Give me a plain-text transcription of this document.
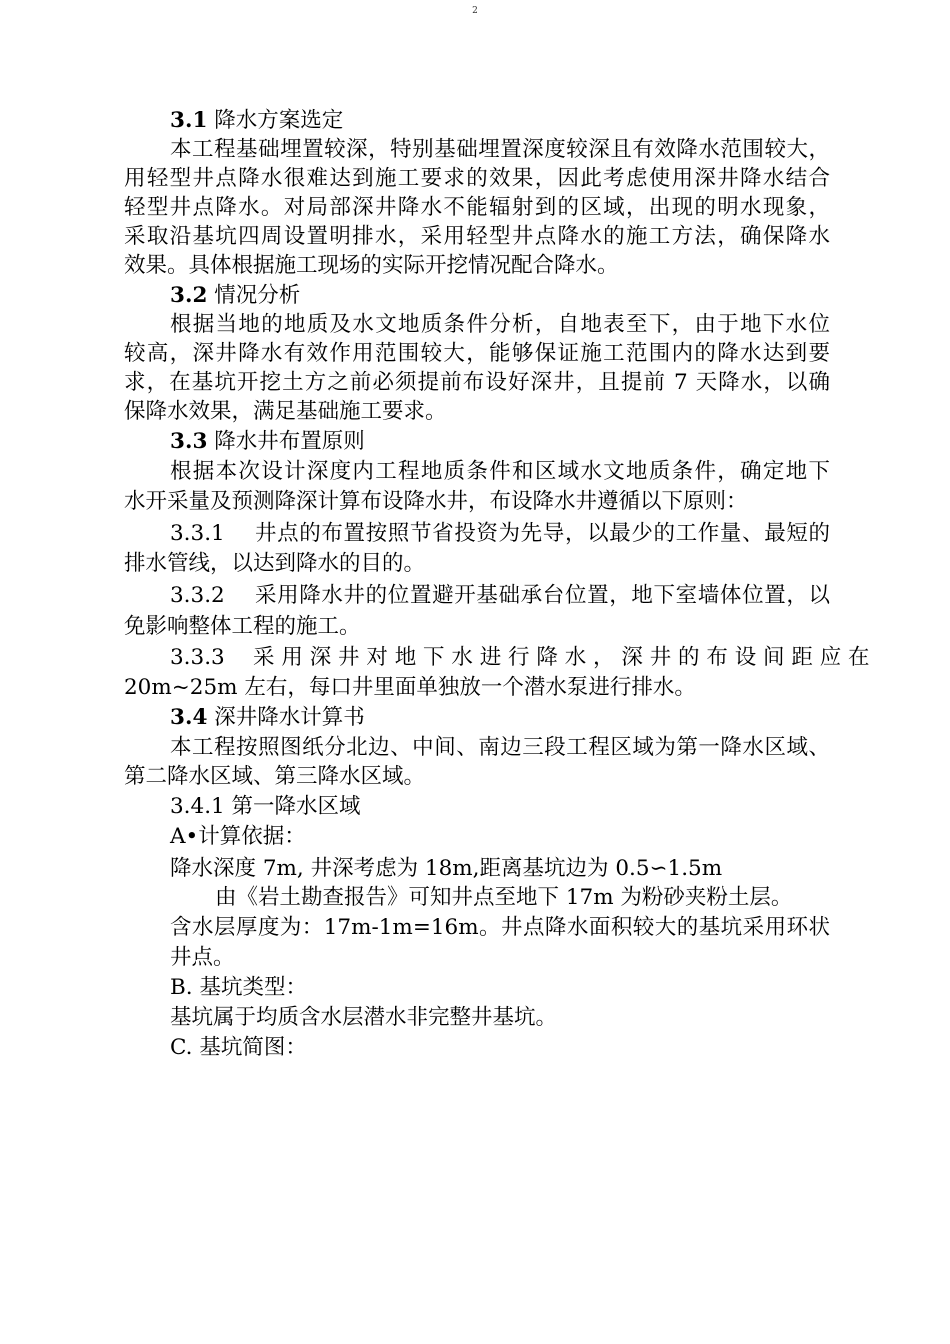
2
3.1 降水方案选定
本工程基础埋置较深，特别基础埋置深度较深且有效降水范围较大，
用轻型井点降水很难达到施工要求的效果，因此考虑使用深井降水结合
轻型井点降水。对局部深井降水不能辐射到的区域，出现的明水现象，
采取沿基坑四周设置明排水，采用轻型井点降水的施工方法，确保降水
效果。具体根据施工现场的实际开挖情况配合降水。
3.2 情况分析
根据当地的地质及水文地质条件分析，自地表至下，由于地下水位
较高，深井降水有效作用范围较大，能够保证施工范围内的降水达到要
求，在基坑开挖土方之前必须提前布设好深井，且提前 7 天降水，以确
保降水效果，满足基础施工要求。
3.3 降水井布置原则
根据本次设计深度内工程地质条件和区域水文地质条件，确定地下
水开采量及预测降深计算布设降水井，布设降水井遵循以下原则：
3.3.1　 井点的布置按照节省投资为先导，以最少的工作量、最短的
排水管线，以达到降水的目的。
3.3.2　 采用降水井的位置避开基础承台位置，地下室墙体位置，以
免影响整体工程的施工。
3.3.3　 采 用 深 井 对 地 下 水 进 行 降 水 ， 深 井 的 布 设 间 距 应 在
20m~25m 左右，每口井里面单独放一个潜水泵进行排水。
3.4 深井降水计算书
本工程按照图纸分北边、中间、南边三段工程区域为第一降水区域、
第二降水区域、第三降水区域。
3.4.1 第一降水区域
A•计算依据：
降水深度 7m, 井深考虑为 18m,距离基坑边为 0.5∽1.5m
由《岩土勘查报告》可知井点至地下 17m 为粉砂夹粉土层。
含水层厚度为：17m-1m=16m。井点降水面积较大的基坑采用环状
井点。
B. 基坑类型：
基坑属于均质含水层潜水非完整井基坑。
C. 基坑简图：
